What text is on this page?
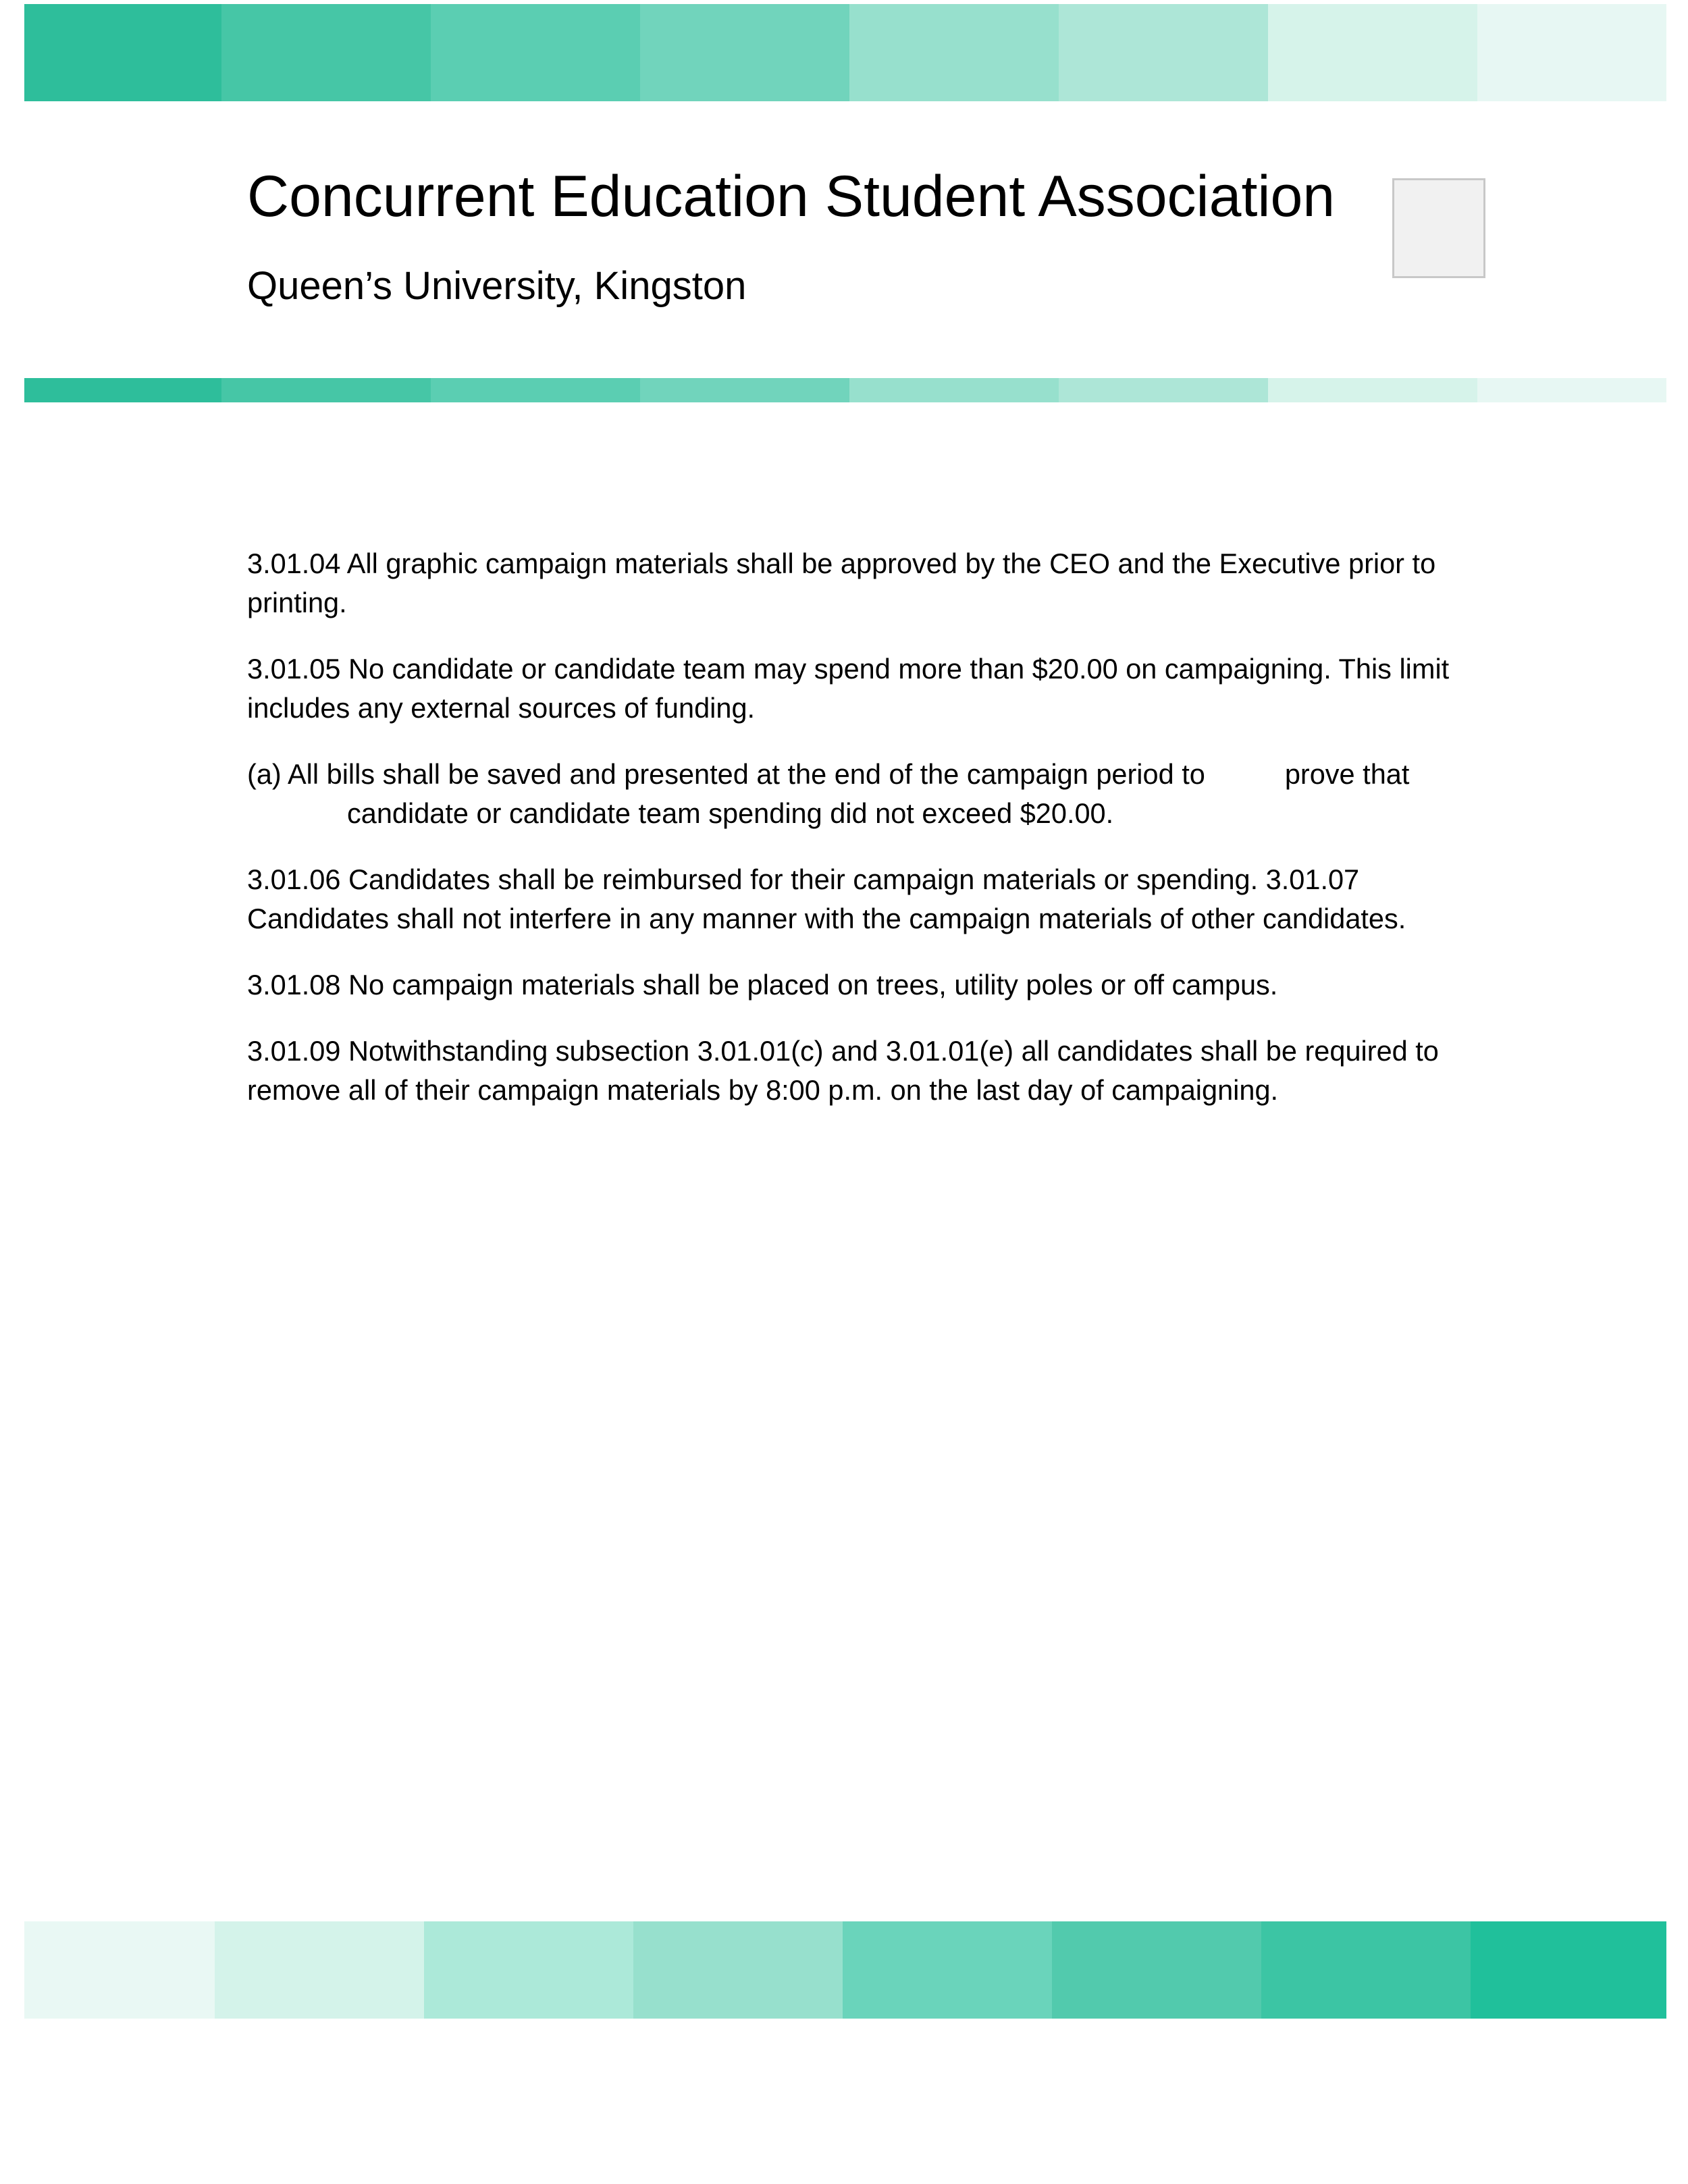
Concurrent Education Student Association
Queen’s University, Kingston

3.01.04 All graphic campaign materials shall be approved by the CEO and the Executive prior to printing.

3.01.05 No candidate or candidate team may spend more than $20.00 on campaigning. This limit includes any external sources of funding.

(a) All bills shall be saved and presented at the end of the campaign period to	prove that
candidate or candidate team spending did not exceed $20.00.

3.01.06 Candidates shall be reimbursed for their campaign materials or spending. 3.01.07 Candidates shall not interfere in any manner with the campaign materials of other candidates.

3.01.08 No campaign materials shall be placed on trees, utility poles or off campus.

3.01.09 Notwithstanding subsection 3.01.01(c) and 3.01.01(e) all candidates shall be required to remove all of their campaign materials by 8:00 p.m. on the last day of campaigning.
